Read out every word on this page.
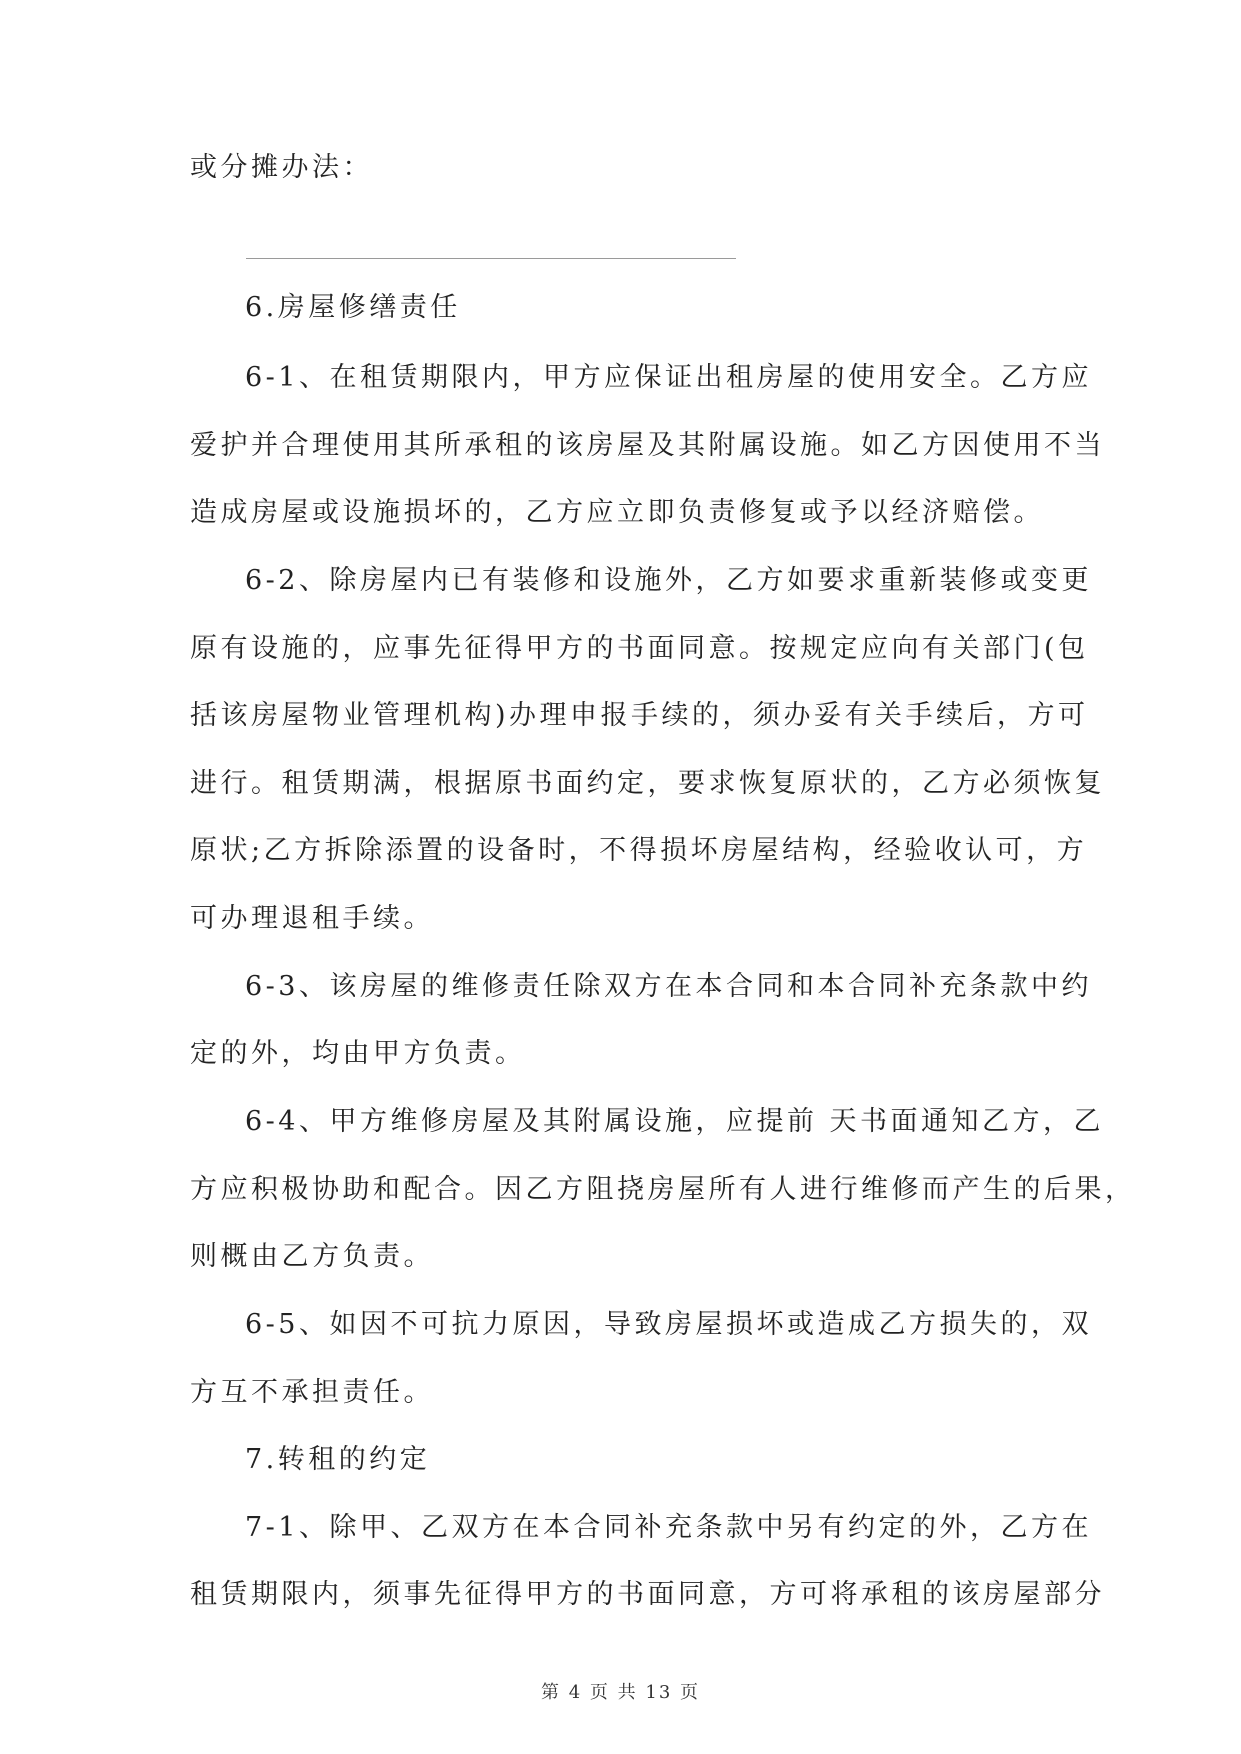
或分摊办法：
6.房屋修缮责任
6-1、在租赁期限内，甲方应保证出租房屋的使用安全。乙方应
爱护并合理使用其所承租的该房屋及其附属设施。如乙方因使用不当
造成房屋或设施损坏的，乙方应立即负责修复或予以经济赔偿。
6-2、除房屋内已有装修和设施外，乙方如要求重新装修或变更
原有设施的，应事先征得甲方的书面同意。按规定应向有关部门(包
括该房屋物业管理机构)办理申报手续的，须办妥有关手续后，方可
进行。租赁期满，根据原书面约定，要求恢复原状的，乙方必须恢复
原状;乙方拆除添置的设备时，不得损坏房屋结构，经验收认可，方
可办理退租手续。
6-3、该房屋的维修责任除双方在本合同和本合同补充条款中约
定的外，均由甲方负责。
6-4、甲方维修房屋及其附属设施，应提前 天书面通知乙方，乙
方应积极协助和配合。因乙方阻挠房屋所有人进行维修而产生的后果，
则概由乙方负责。
6-5、如因不可抗力原因，导致房屋损坏或造成乙方损失的，双
方互不承担责任。
7.转租的约定
7-1、除甲、乙双方在本合同补充条款中另有约定的外，乙方在
租赁期限内，须事先征得甲方的书面同意，方可将承租的该房屋部分
第 4 页 共 13 页
